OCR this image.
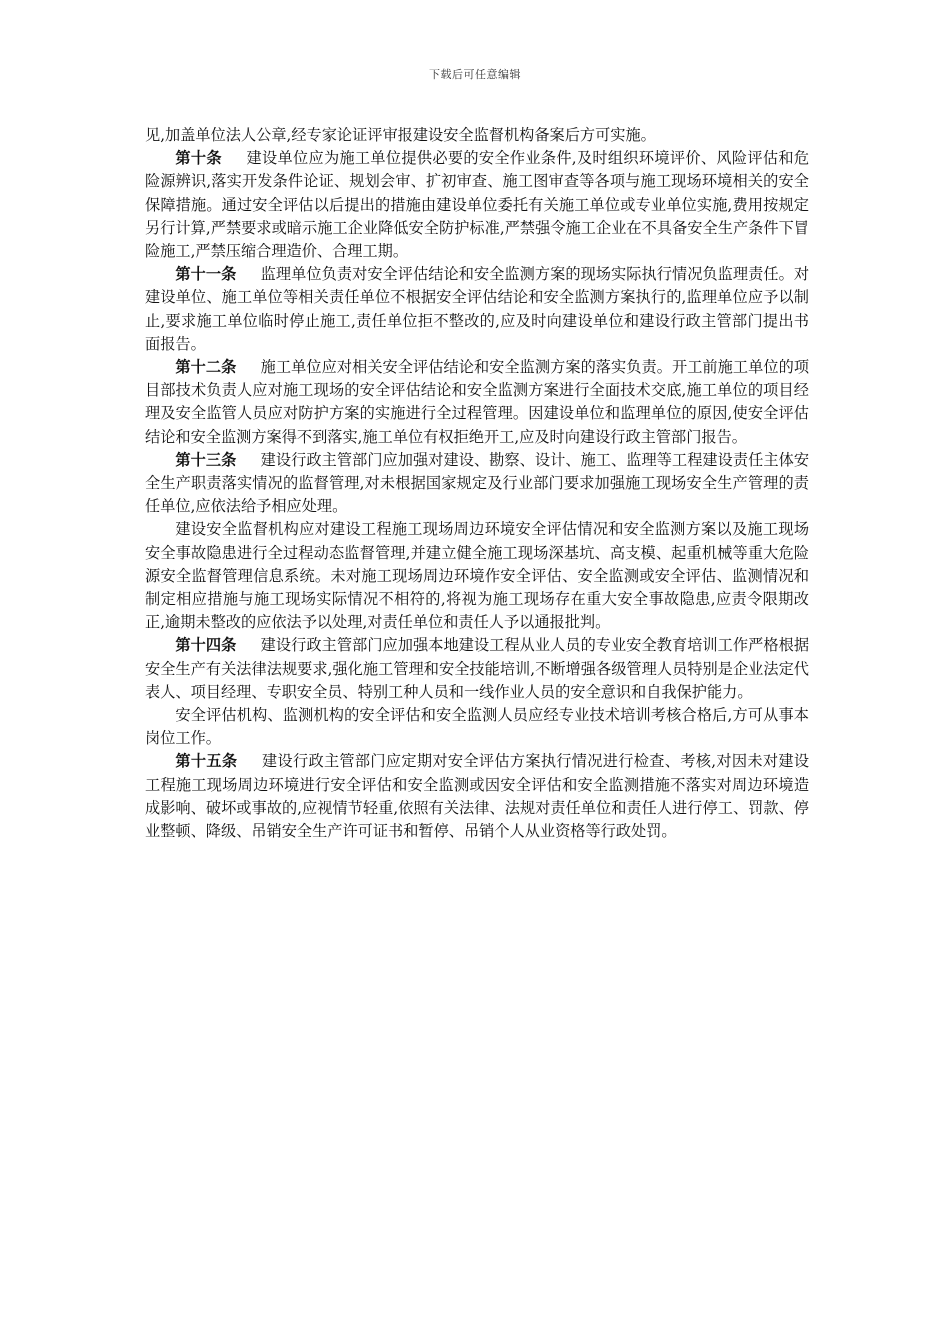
下载后可任意编辑

见,加盖单位法人公章,经专家论证评审报建设安全监督机构备案后方可实施。

第十条 建设单位应为施工单位提供必要的安全作业条件,及时组织环境评价、风险评估和危险源辨识,落实开发条件论证、规划会审、扩初审查、施工图审查等各项与施工现场环境相关的安全保障措施。通过安全评估以后提出的措施由建设单位委托有关施工单位或专业单位实施,费用按规定另行计算,严禁要求或暗示施工企业降低安全防护标准,严禁强令施工企业在不具备安全生产条件下冒险施工,严禁压缩合理造价、合理工期。

第十一条 监理单位负责对安全评估结论和安全监测方案的现场实际执行情况负监理责任。对建设单位、施工单位等相关责任单位不根据安全评估结论和安全监测方案执行的,监理单位应予以制止,要求施工单位临时停止施工,责任单位拒不整改的,应及时向建设单位和建设行政主管部门提出书面报告。

第十二条 施工单位应对相关安全评估结论和安全监测方案的落实负责。开工前施工单位的项目部技术负责人应对施工现场的安全评估结论和安全监测方案进行全面技术交底,施工单位的项目经理及安全监管人员应对防护方案的实施进行全过程管理。因建设单位和监理单位的原因,使安全评估结论和安全监测方案得不到落实,施工单位有权拒绝开工,应及时向建设行政主管部门报告。

第十三条 建设行政主管部门应加强对建设、勘察、设计、施工、监理等工程建设责任主体安全生产职责落实情况的监督管理,对未根据国家规定及行业部门要求加强施工现场安全生产管理的责任单位,应依法给予相应处理。

建设安全监督机构应对建设工程施工现场周边环境安全评估情况和安全监测方案以及施工现场安全事故隐患进行全过程动态监督管理,并建立健全施工现场深基坑、高支模、起重机械等重大危险源安全监督管理信息系统。未对施工现场周边环境作安全评估、安全监测或安全评估、监测情况和制定相应措施与施工现场实际情况不相符的,将视为施工现场存在重大安全事故隐患,应责令限期改正,逾期未整改的应依法予以处理,对责任单位和责任人予以通报批判。

第十四条 建设行政主管部门应加强本地建设工程从业人员的专业安全教育培训工作严格根据安全生产有关法律法规要求,强化施工管理和安全技能培训,不断增强各级管理人员特别是企业法定代表人、项目经理、专职安全员、特别工种人员和一线作业人员的安全意识和自我保护能力。

安全评估机构、监测机构的安全评估和安全监测人员应经专业技术培训考核合格后,方可从事本岗位工作。

第十五条 建设行政主管部门应定期对安全评估方案执行情况进行检查、考核,对因未对建设工程施工现场周边环境进行安全评估和安全监测或因安全评估和安全监测措施不落实对周边环境造成影响、破坏或事故的,应视情节轻重,依照有关法律、法规对责任单位和责任人进行停工、罚款、停业整顿、降级、吊销安全生产许可证书和暂停、吊销个人从业资格等行政处罚。
